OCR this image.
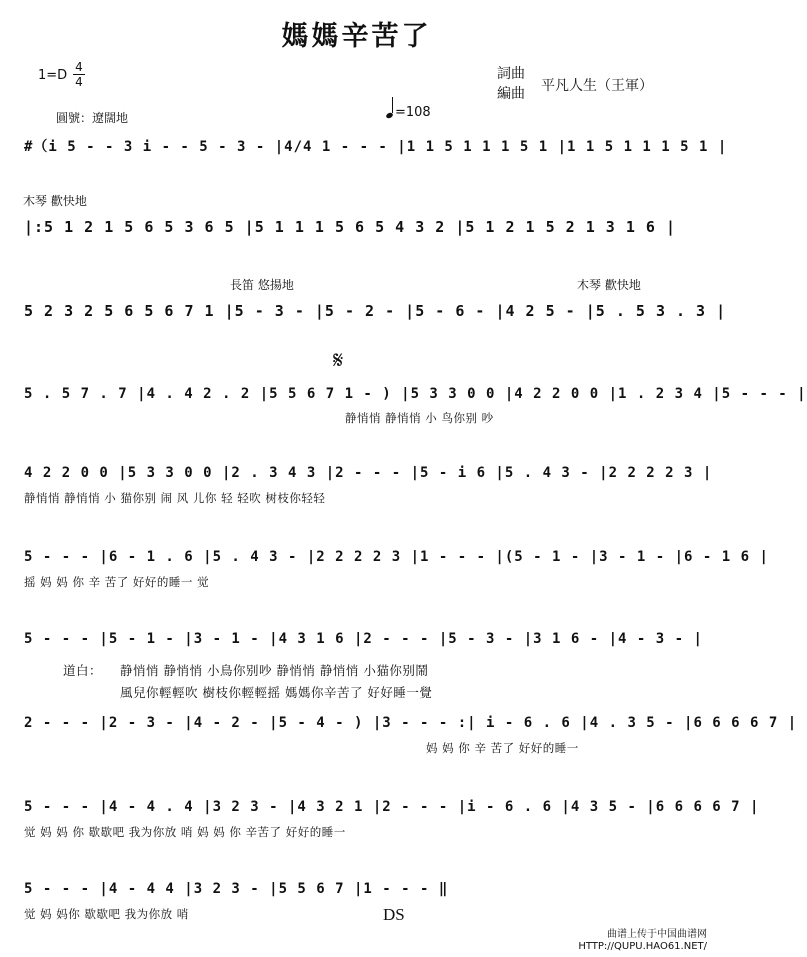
媽媽辛苦了
$1=D \frac{4}{4}$	詞曲
編曲 平凡人生（王軍）
=108
圓號：遼闊地
#（i 5 - - 3 i - - 5 - 3 - |4/4 1 - - - |1 1 5 1 1 1 5 1 |1 1 5 1 1 1 5 1 |
木琴 歡快地
|:5 1 2 1 5 6 5 3 6 5 |5 1 1 1 5 6 5 4 3 2 |5 1 2 1 5 2 1 3 1 6 |
長笛 悠揚地	木琴 歡快地
5 2 3 2 5 6 5 6 7 1 |5 - 3 - |5 - 2 - |5 - 6 - |4 2 5 - |5 . 5 3 . 3 |
𝄋
5 . 5 7 . 7 |4 . 4 2 . 2 |5 5 6 7 1 - ) |5 3 3 0 0 |4 2 2 0 0 |1 . 2 3 4 |5 - - - |
静悄悄 静悄悄 小 鸟你别 吵
4 2 2 0 0 |5 3 3 0 0 |2 . 3 4 3 |2 - - - |5 - i 6 |5 . 4 3 - |2 2 2 2 3 |
静悄悄 静悄悄 小 猫你别 闹 风 儿你 轻 轻吹 树枝你轻轻
5 - - - |6 - 1 . 6 |5 . 4 3 - |2 2 2 2 3 |1 - - - |(5 - 1 - |3 - 1 - |6 - 1 6 |
摇 妈 妈 你 辛 苦了 好好的睡一 觉
5 - - - |5 - 1 - |3 - 1 - |4 3 1 6 |2 - - - |5 - 3 - |3 1 6 - |4 - 3 - |
道白： 静悄悄 静悄悄 小鳥你别吵 静悄悄 静悄悄 小猫你别鬧
風兒你輕輕吹 樹枝你輕輕摇 媽媽你辛苦了 好好睡一覺
2 - - - |2 - 3 - |4 - 2 - |5 - 4 - ) |3 - - - :| i - 6 . 6 |4 . 3 5 - |6 6 6 6 7 |
妈 妈 你 辛 苦了 好好的睡一
5 - - - |4 - 4 . 4 |3 2 3 - |4 3 2 1 |2 - - - |i - 6 . 6 |4 3 5 - |6 6 6 6 7 |
觉 妈 妈 你 歇歇吧 我为你放 哨 妈 妈 你 辛苦了 好好的睡一
5 - - - |4 - 4 4 |3 2 3 - |5 5 6 7 |1 - - - ‖
觉 妈 妈你 歇歇吧 我为你放 哨	DS
曲谱上传于中国曲谱网
HTTP://QUPU.HAO61.NET/
